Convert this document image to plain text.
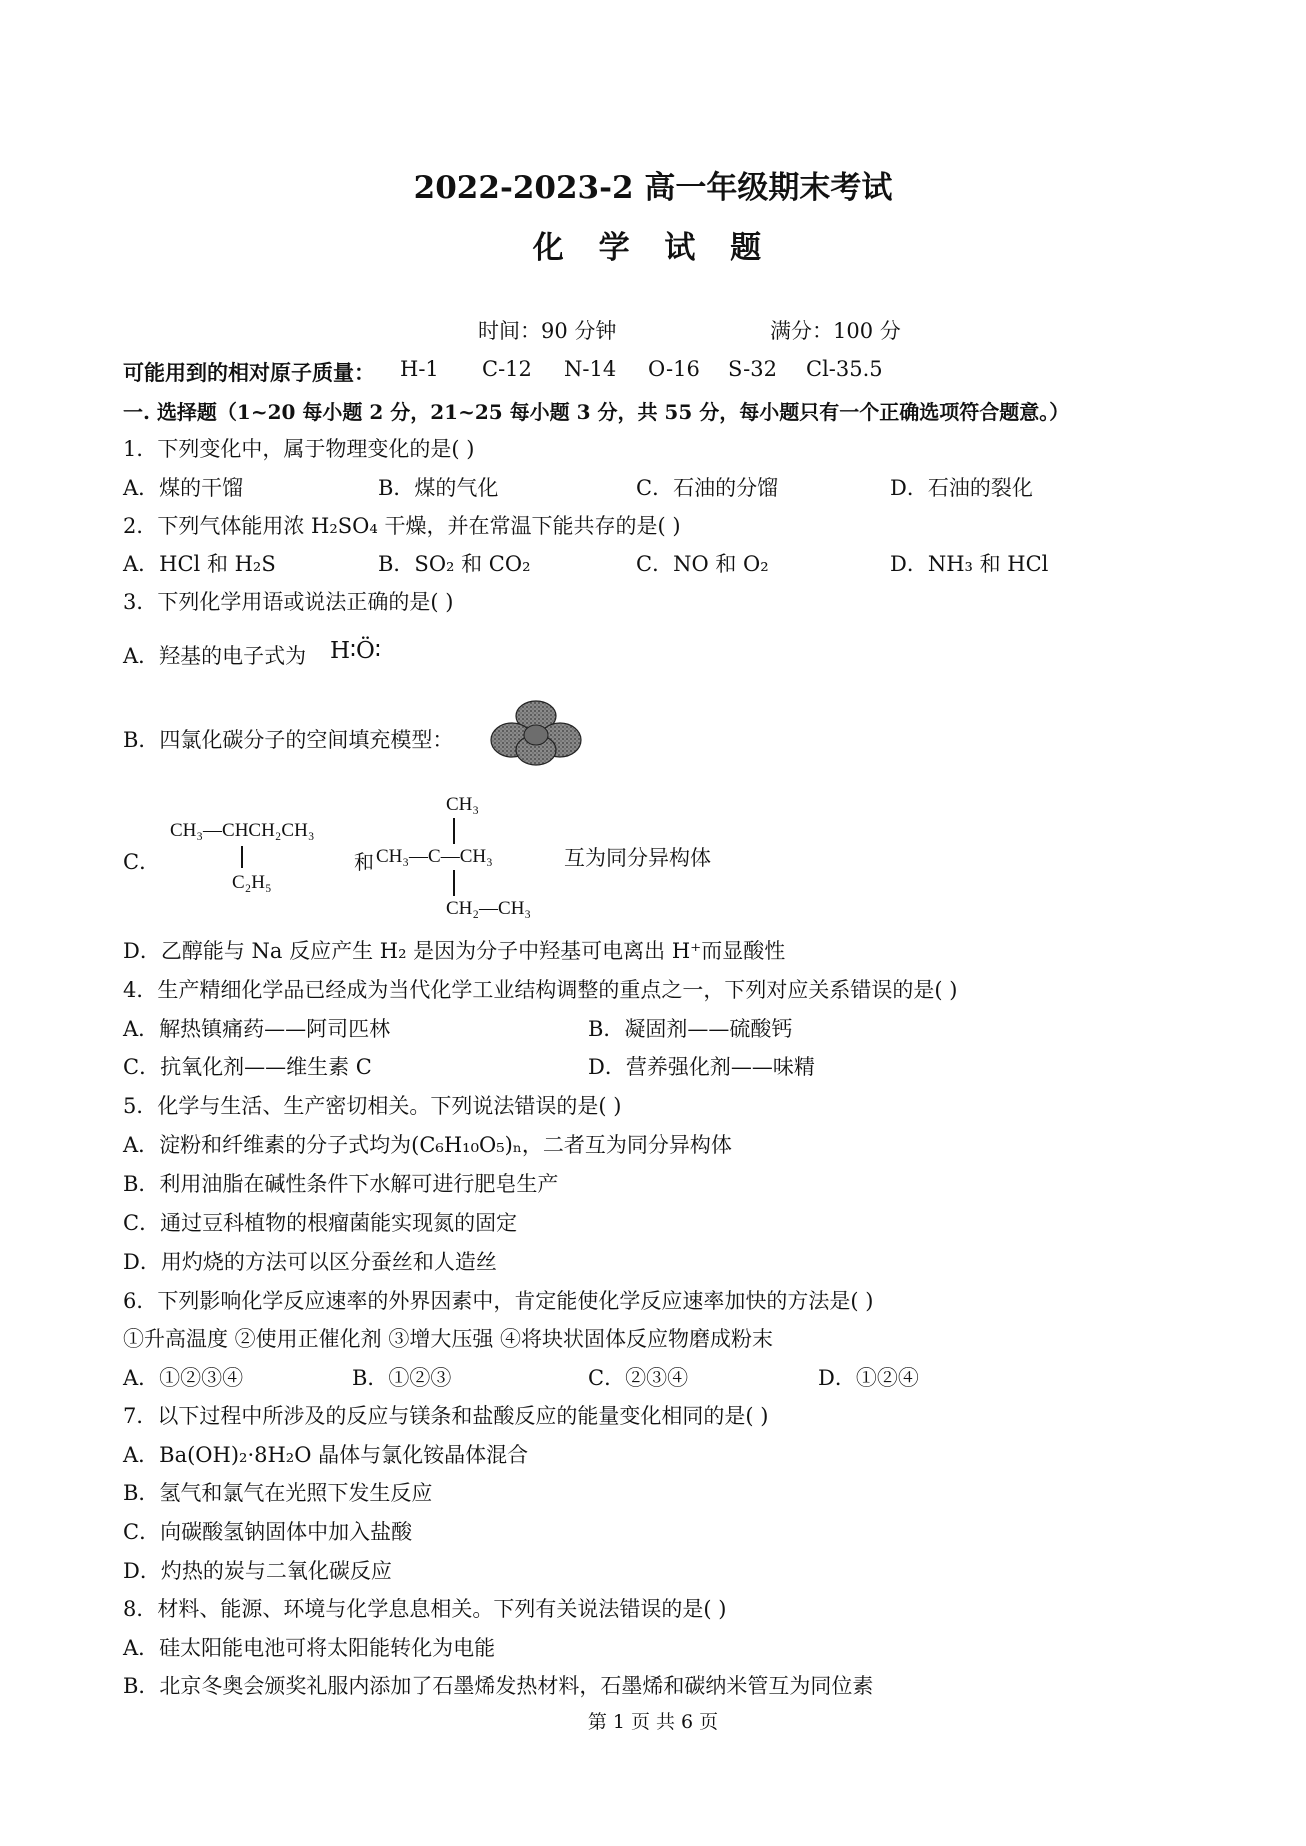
2022-2023-2 高一年级期末考试
化 学 试 题
时间：90 分钟	满分：100 分
可能用到的相对原子质量： H-1 C-12 N-14 O-16 S-32 Cl-35.5
一. 选择题（1~20 每小题 2 分，21~25 每小题 3 分，共 55 分，每小题只有一个正确选项符合题意。）
1．下列变化中，属于物理变化的是( )
A．煤的干馏	B．煤的气化	C．石油的分馏	D．石油的裂化
2．下列气体能用浓 H₂SO₄ 干燥，并在常温下能共存的是( )
A．HCl 和 H₂S	B．SO₂ 和 CO₂	C．NO 和 O₂	D．NH₃ 和 HCl
3．下列化学用语或说法正确的是( )
A．羟基的电子式为 H∶Ö∶
B．四氯化碳分子的空间填充模型：
C．
CH₃—CHCH₂CH₃
C₂H₅
和
CH₃
CH₃—C—CH₃
CH₂—CH₃
互为同分异构体
D．乙醇能与 Na 反应产生 H₂ 是因为分子中羟基可电离出 H⁺而显酸性
4．生产精细化学品已经成为当代化学工业结构调整的重点之一，下列对应关系错误的是( )
A．解热镇痛药——阿司匹林	B．凝固剂——硫酸钙
C．抗氧化剂——维生素 C	D．营养强化剂——味精
5．化学与生活、生产密切相关。下列说法错误的是( )
A．淀粉和纤维素的分子式均为(C₆H₁₀O₅)ₙ，二者互为同分异构体
B．利用油脂在碱性条件下水解可进行肥皂生产
C．通过豆科植物的根瘤菌能实现氮的固定
D．用灼烧的方法可以区分蚕丝和人造丝
6．下列影响化学反应速率的外界因素中，肯定能使化学反应速率加快的方法是( )
①升高温度 ②使用正催化剂 ③增大压强 ④将块状固体反应物磨成粉末
A．①②③④	B．①②③	C．②③④	D．①②④
7．以下过程中所涉及的反应与镁条和盐酸反应的能量变化相同的是( )
A．Ba(OH)₂·8H₂O 晶体与氯化铵晶体混合
B．氢气和氯气在光照下发生反应
C．向碳酸氢钠固体中加入盐酸
D．灼热的炭与二氧化碳反应
8．材料、能源、环境与化学息息相关。下列有关说法错误的是( )
A．硅太阳能电池可将太阳能转化为电能
B．北京冬奥会颁奖礼服内添加了石墨烯发热材料，石墨烯和碳纳米管互为同位素
第 1 页 共 6 页
